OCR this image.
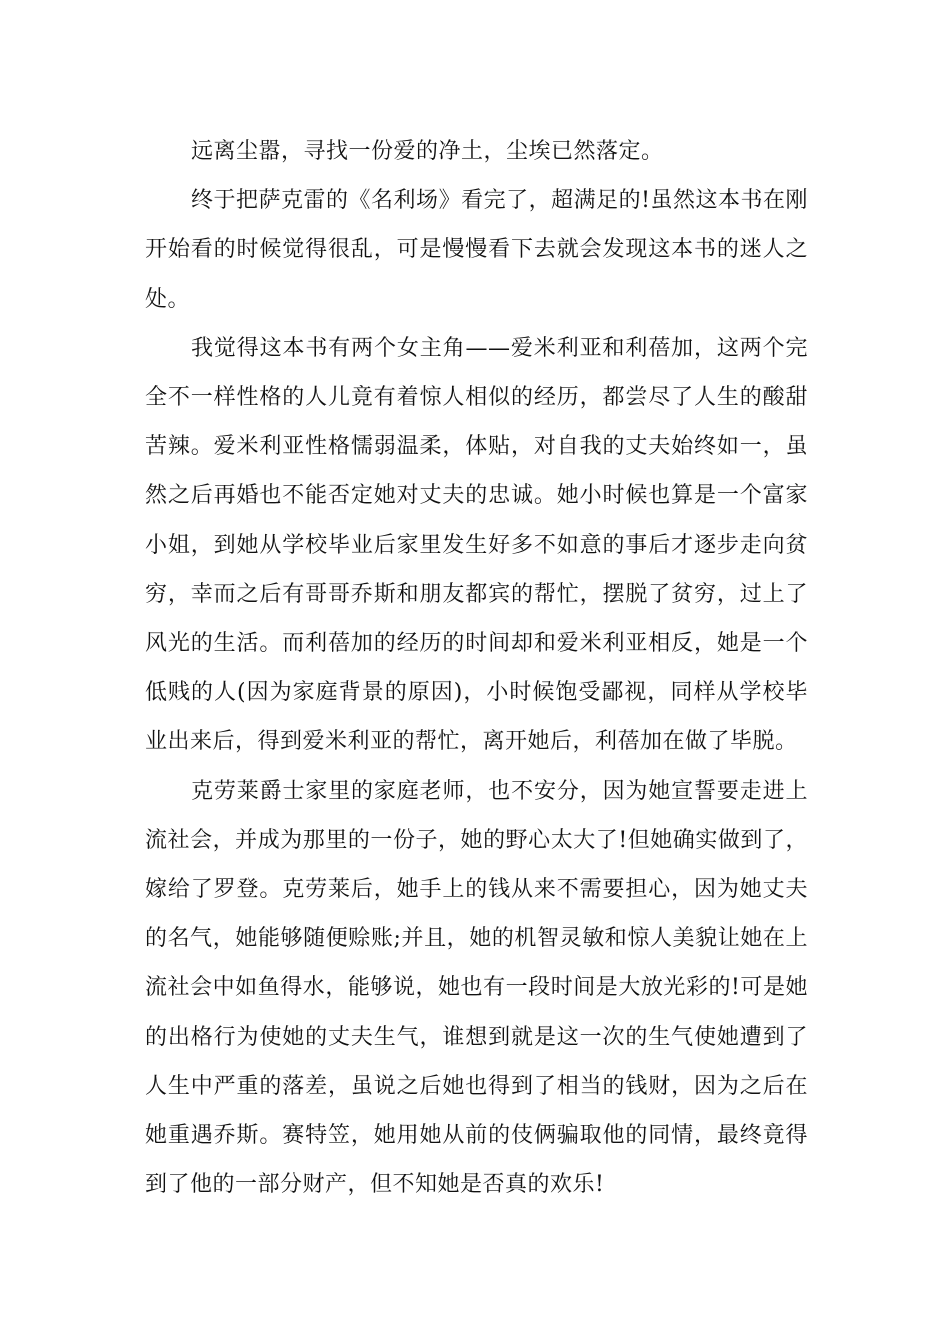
远离尘嚣，寻找一份爱的净土，尘埃已然落定。

终于把萨克雷的《名利场》看完了，超满足的!虽然这本书在刚开始看的时候觉得很乱，可是慢慢看下去就会发现这本书的迷人之处。

我觉得这本书有两个女主角——爱米利亚和利蓓加，这两个完全不一样性格的人儿竟有着惊人相似的经历，都尝尽了人生的酸甜苦辣。爱米利亚性格懦弱温柔，体贴，对自我的丈夫始终如一，虽然之后再婚也不能否定她对丈夫的忠诚。她小时候也算是一个富家小姐，到她从学校毕业后家里发生好多不如意的事后才逐步走向贫穷，幸而之后有哥哥乔斯和朋友都宾的帮忙，摆脱了贫穷，过上了风光的生活。而利蓓加的经历的时间却和爱米利亚相反，她是一个低贱的人(因为家庭背景的原因)，小时候饱受鄙视，同样从学校毕业出来后，得到爱米利亚的帮忙，离开她后，利蓓加在做了毕脱。

克劳莱爵士家里的家庭老师，也不安分，因为她宣誓要走进上流社会，并成为那里的一份子，她的野心太大了!但她确实做到了，嫁给了罗登。克劳莱后，她手上的钱从来不需要担心，因为她丈夫的名气，她能够随便赊账;并且，她的机智灵敏和惊人美貌让她在上流社会中如鱼得水，能够说，她也有一段时间是大放光彩的!可是她的出格行为使她的丈夫生气，谁想到就是这一次的生气使她遭到了人生中严重的落差，虽说之后她也得到了相当的钱财，因为之后在她重遇乔斯。赛特笠，她用她从前的伎俩骗取他的同情，最终竟得到了他的一部分财产，但不知她是否真的欢乐!
